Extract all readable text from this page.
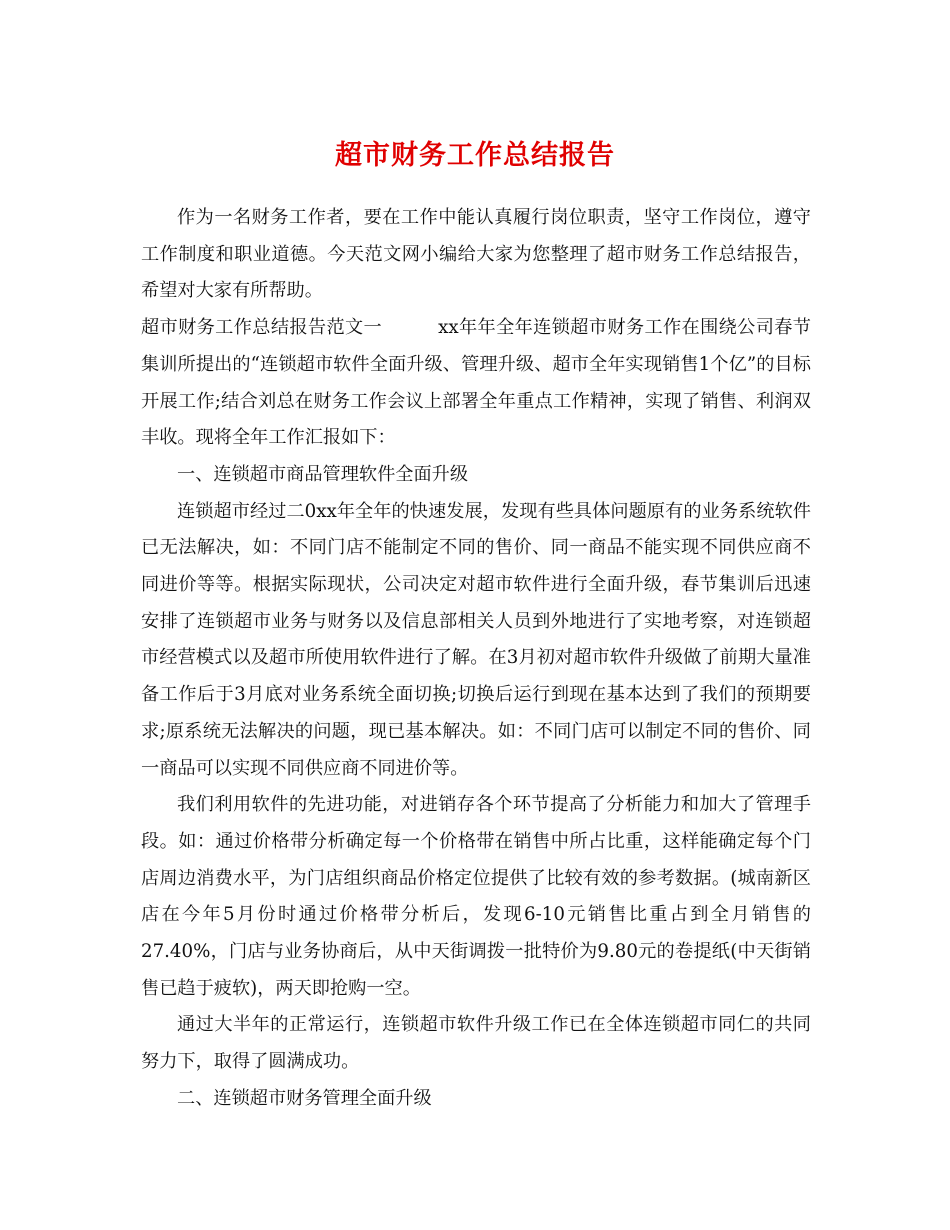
超市财务工作总结报告

作为一名财务工作者，要在工作中能认真履行岗位职责，坚守工作岗位，遵守工作制度和职业道德。今天范文网小编给大家为您整理了超市财务工作总结报告，希望对大家有所帮助。

超市财务工作总结报告范文一	xx年年全年连锁超市财务工作在围绕公司春节集训所提出的“连锁超市软件全面升级、管理升级、超市全年实现销售1个亿”的目标开展工作;结合刘总在财务工作会议上部署全年重点工作精神，实现了销售、利润双丰收。现将全年工作汇报如下：

一、连锁超市商品管理软件全面升级

连锁超市经过二0xx年全年的快速发展，发现有些具体问题原有的业务系统软件已无法解决，如：不同门店不能制定不同的售价、同一商品不能实现不同供应商不同进价等等。根据实际现状，公司决定对超市软件进行全面升级，春节集训后迅速安排了连锁超市业务与财务以及信息部相关人员到外地进行了实地考察，对连锁超市经营模式以及超市所使用软件进行了解。在3月初对超市软件升级做了前期大量准备工作后于3月底对业务系统全面切换;切换后运行到现在基本达到了我们的预期要求;原系统无法解决的问题，现已基本解决。如：不同门店可以制定不同的售价、同一商品可以实现不同供应商不同进价等。

我们利用软件的先进功能，对进销存各个环节提高了分析能力和加大了管理手段。如：通过价格带分析确定每一个价格带在销售中所占比重，这样能确定每个门店周边消费水平，为门店组织商品价格定位提供了比较有效的参考数据。(城南新区店在今年5月份时通过价格带分析后，发现6-10元销售比重占到全月销售的27.40%，门店与业务协商后，从中天街调拨一批特价为9.80元的卷提纸(中天街销售已趋于疲软)，两天即抢购一空。

通过大半年的正常运行，连锁超市软件升级工作已在全体连锁超市同仁的共同努力下，取得了圆满成功。

二、连锁超市财务管理全面升级
